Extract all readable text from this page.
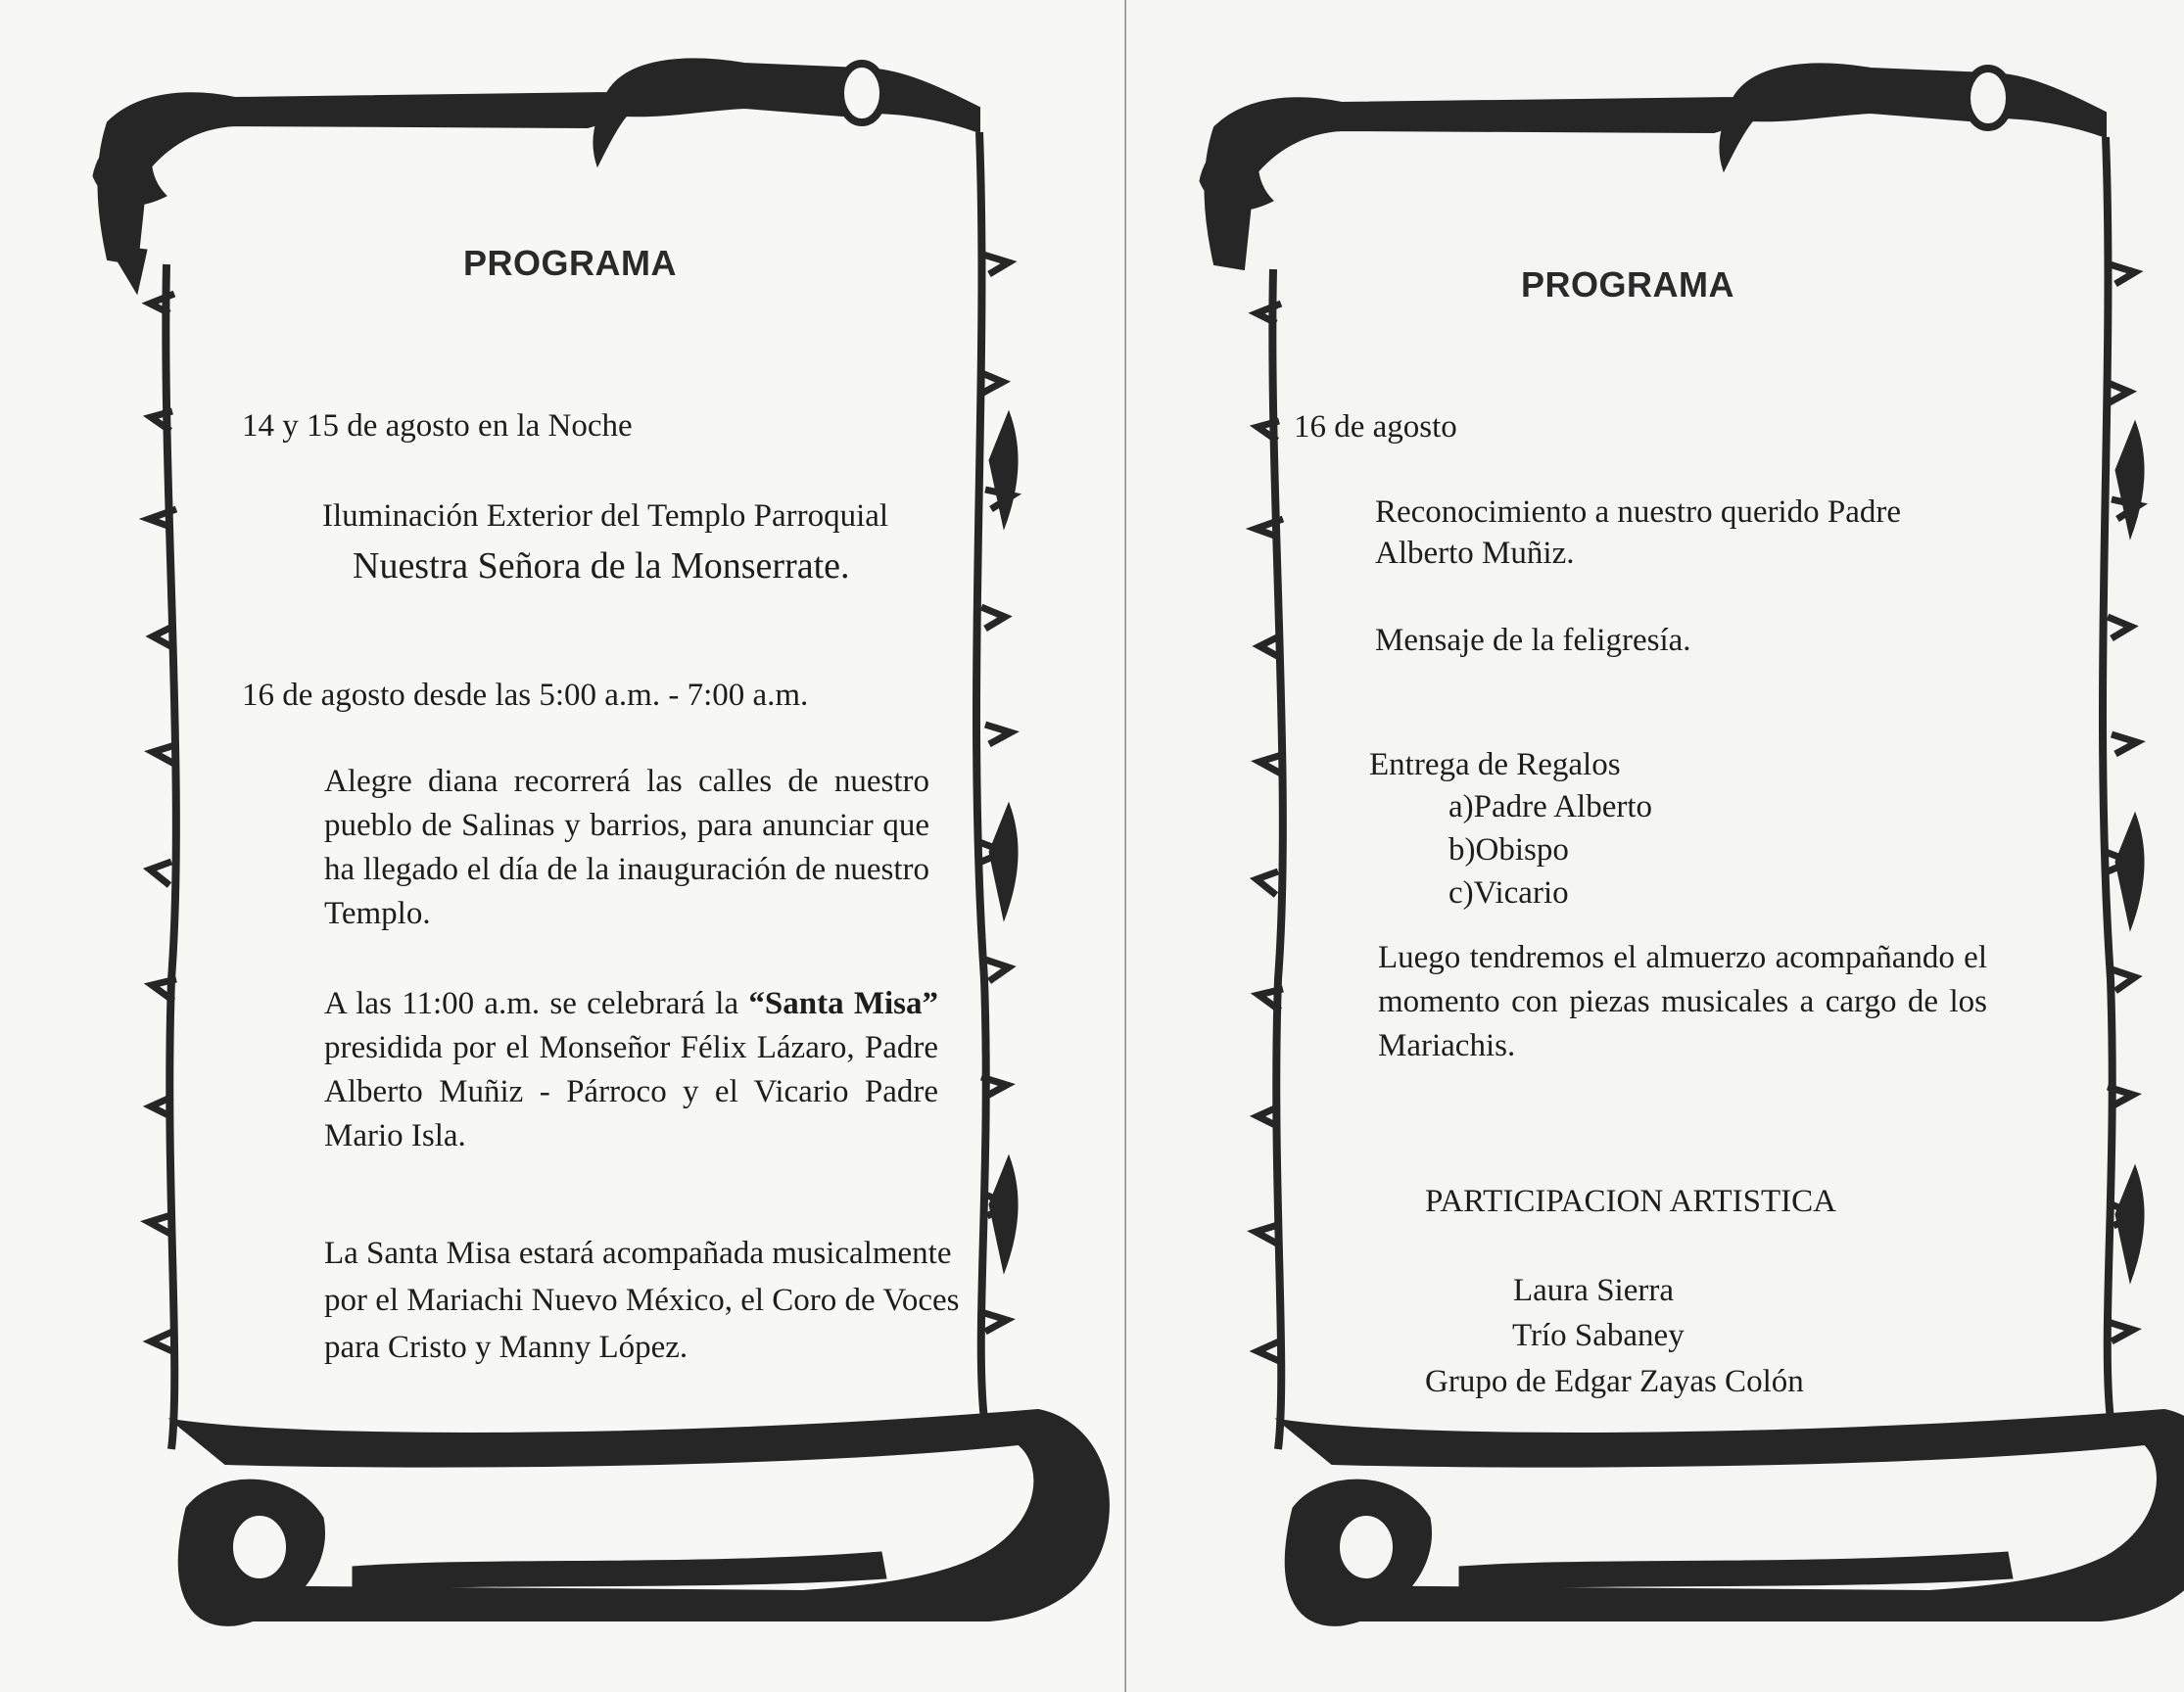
PROGRAMA
14 y 15 de agosto en la Noche
Iluminación Exterior del Templo Parroquial
Nuestra Señora de la Monserrate.
16 de agosto desde las 5:00 a.m. - 7:00 a.m.
Alegre diana recorrerá las calles de nuestro pueblo de Salinas y barrios, para anunciar que ha llegado el día de la inauguración de nuestro Templo.
A las 11:00 a.m. se celebrará la “Santa Misa” presidida por el Monseñor Félix Lázaro, Padre Alberto Muñiz - Párroco y el Vicario Padre Mario Isla.
La Santa Misa estará acompañada musicalmente por el Mariachi Nuevo México, el Coro de Voces para Cristo y Manny López.
PROGRAMA
16 de agosto
Reconocimiento a nuestro querido Padre
Alberto Muñiz.
Mensaje de la feligresía.
Entrega de Regalos
a)Padre Alberto
b)Obispo
c)Vicario
Luego tendremos el almuerzo acompañando el momento con piezas musicales a cargo de los Mariachis.
PARTICIPACION ARTISTICA
Laura Sierra
Trío Sabaney
Grupo de Edgar Zayas Colón
